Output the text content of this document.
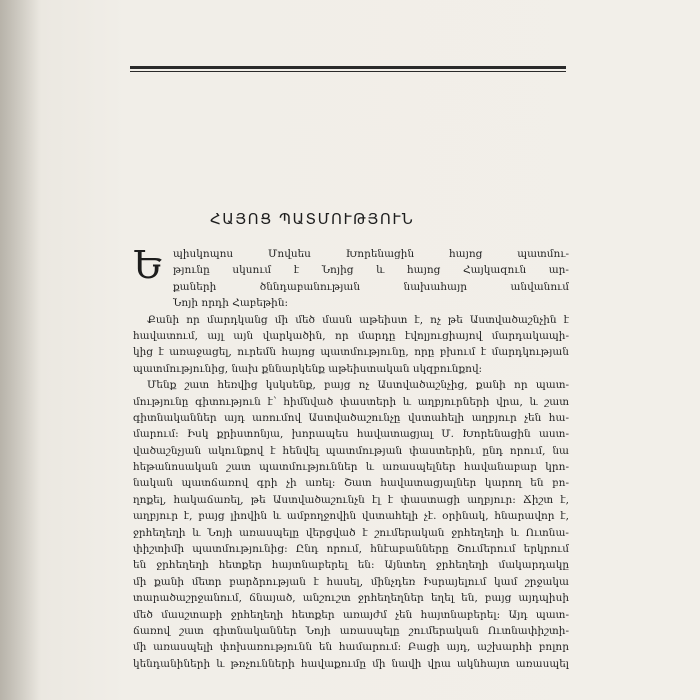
ՀԱՅՈՑ ՊԱՏՄՈՒԹՅՈՒՆ
Ե պիսկոպոս Մովսես Խորենացին հայոց պատմու-
թյունը սկսում է Նոյից և հայոց Հայկազուն ար-
քաների ծննդաբանության նախահայր անվանում
Նոյի որդի Հաբեթին:
Քանի որ մարդկանց մի մեծ մասն աթեիստ է, ոչ թե Աստվածաշնչին է
հավատում, այլ այն վարկածին, որ մարդը էվոլյուցիայով մարդակապի-
կից է առաջացել, ուրեմն հայոց պատմությունը, որը բխում է մարդկության
պատմությունից, նախ քննարկենք աթեիստական սկզբունքով:
Մենք շատ հեռվից կսկսենք, բայց ոչ Աստվածաշնչից, քանի որ պատ-
մությունը գիտություն է՝ հիմնված փաստերի և աղբյուրների վրա, և շատ
գիտնականներ այդ առումով Աստվածաշունչը վստահելի աղբյուր չեն հա-
մարում: Իսկ քրիստոնյա, խորապես հավատացյալ Մ. Խորենացին աստ-
վածաշնչյան ակունքով է հենվել պատմության փաստերին, ընդ որում, նա
հեթանոսական շատ պատմություններ և առասպելներ հավանաբար կրո-
նական պատճառով գրի չի առել: Շատ հավատացյալներ կարող են բո-
ղոքել, հակաճառել, թե Աստվածաշունչն էլ է փաստացի աղբյուր: Ճիշտ է,
աղբյուր է, բայց լիովին և ամբողջովին վստահելի չէ. օրինակ, հնարավոր է,
ջրհեղեղի և Նոյի առասպելը վերցված է շումերական ջրհեղեղի և Ուտնա-
փիշտիմի պատմությունից: Ընդ որում, հնէաբանները Շումերում երկրում
են ջրհեղեղի հետքեր հայտնաբերել են: Այնտեղ ջրհեղեղի մակարդակը
մի քանի մետր բարձրության է հասել, մինչդեռ Իսրայելում կամ շրջակա
տարածաշրջանում, ճնայած, անշուշտ ջրհեղեղներ եղել են, բայց այդպիսի
մեծ մասշտաբի ջրհեղեղի հետքեր առայժմ չեն հայտնաբերել: Այդ պատ-
ճառով շատ գիտնականներ Նոյի առասպելը շումերական Ուտնափիշտի-
մի առասպելի փոխառությունն են համարում: Բացի այդ, աշխարհի բոլոր
կենդանիների և թռչունների հավաքումը մի նավի վրա ակնհայտ առասպել
